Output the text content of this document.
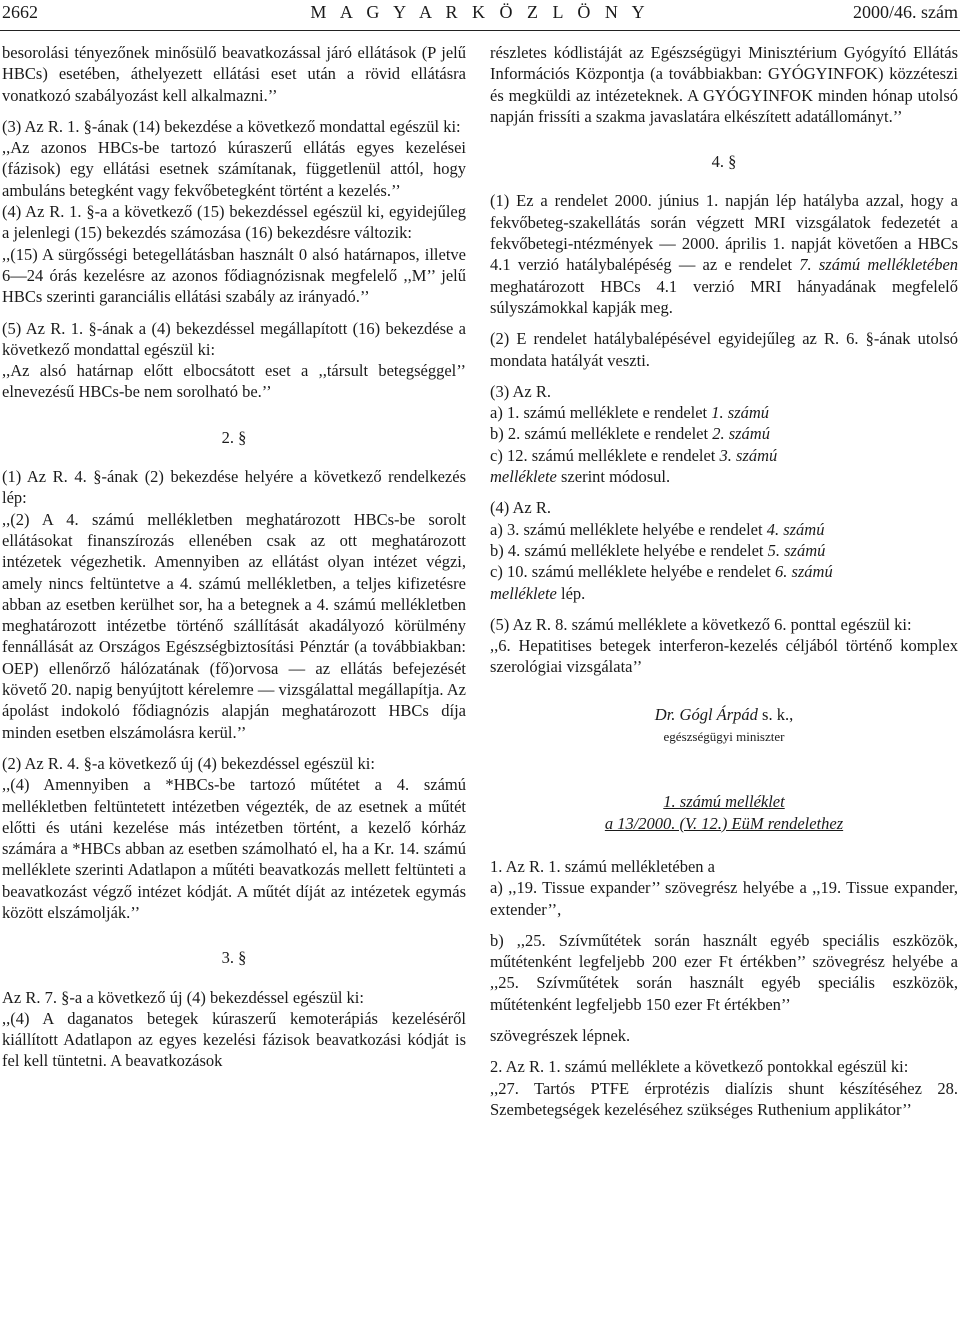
2662	M A G Y A R K Ö Z L Ö N Y	2000/46. szám

besorolási tényezőnek minősülő beavatkozással járó ellátások (P jelű HBCs) esetében, áthelyezett ellátási eset után a rövid ellátásra vonatkozó szabályozást kell alkalmazni.’’

(3) Az R. 1. §-ának (14) bekezdése a következő mondattal egészül ki:

,,Az azonos HBCs-be tartozó kúraszerű ellátás egyes kezelései (fázisok) egy ellátási esetnek számítanak, függetlenül attól, hogy ambuláns betegként vagy fekvőbetegként történt a kezelés.’’

(4) Az R. 1. §-a a következő (15) bekezdéssel egészül ki, egyidejűleg a jelenlegi (15) bekezdés számozása (16) bekezdésre változik:

,,(15) A sürgősségi betegellátásban használt 0 alsó határnapos, illetve 6—24 órás kezelésre az azonos fődiagnózisnak megfelelő ,,M’’ jelű HBCs szerinti garanciális ellátási szabály az irányadó.’’

(5) Az R. 1. §-ának a (4) bekezdéssel megállapított (16) bekezdése a következő mondattal egészül ki:

,,Az alsó határnap előtt elbocsátott eset a ,,társult betegséggel’’ elnevezésű HBCs-be nem sorolható be.’’

2. §

(1) Az R. 4. §-ának (2) bekezdése helyére a következő rendelkezés lép:

,,(2) A 4. számú mellékletben meghatározott HBCs-be sorolt ellátásokat finanszírozás ellenében csak az ott meghatározott intézetek végezhetik. Amennyiben az ellátást olyan intézet végzi, amely nincs feltüntetve a 4. számú mellékletben, a teljes kifizetésre abban az esetben kerülhet sor, ha a betegnek a 4. számú mellékletben meghatározott intézetbe történő szállítását akadályozó körülmény fennállását az Országos Egészségbiztosítási Pénztár (a továbbiakban: OEP) ellenőrző hálózatának (fő)orvosa — az ellátás befejezését követő 20. napig benyújtott kérelemre — vizsgálattal megállapítja. Az ápolást indokoló fődiagnózis alapján meghatározott HBCs díja minden esetben elszámolásra kerül.’’

(2) Az R. 4. §-a következő új (4) bekezdéssel egészül ki:

,,(4) Amennyiben a *HBCs-be tartozó műtétet a 4. számú mellékletben feltüntetett intézetben végezték, de az esetnek a műtét előtti és utáni kezelése más intézetben történt, a kezelő kórház számára a *HBCs abban az esetben számolható el, ha a Kr. 14. számú melléklete szerinti Adatlapon a műtéti beavatkozás mellett feltünteti a beavatkozást végző intézet kódját. A műtét díját az intézetek egymás között elszámolják.’’

3. §

Az R. 7. §-a a következő új (4) bekezdéssel egészül ki:

,,(4) A daganatos betegek kúraszerű kemoterápiás kezeléséről kiállított Adatlapon az egyes kezelési fázisok beavatkozási kódját is fel kell tüntetni. A beavatkozások

részletes kódlistáját az Egészségügyi Minisztérium Gyógyító Ellátás Információs Központja (a továbbiakban: GYÓGYINFOK) közzéteszi és megküldi az intézeteknek. A GYÓGYINFOK minden hónap utolsó napján frissíti a szakma javaslatára elkészített adatállományt.’’

4. §

(1) Ez a rendelet 2000. június 1. napján lép hatályba azzal, hogy a fekvőbeteg-szakellátás során végzett MRI vizsgálatok fedezetét a fekvőbetegi-ntézmények — 2000. április 1. napját követően a HBCs 4.1 verzió hatálybalépéség — az e rendelet 7. számú mellékletében meghatározott HBCs 4.1 verzió MRI hányadának megfelelő súlyszámokkal kapják meg.

(2) E rendelet hatálybalépésével egyidejűleg az R. 6. §-ának utolsó mondata hatályát veszti.

(3) Az R.

a) 1. számú melléklete e rendelet 1. számú

b) 2. számú melléklete e rendelet 2. számú

c) 12. számú melléklete e rendelet 3. számú

melléklete szerint módosul.

(4) Az R.

a) 3. számú melléklete helyébe e rendelet 4. számú

b) 4. számú melléklete helyébe e rendelet 5. számú

c) 10. számú melléklete helyébe e rendelet 6. számú

melléklete lép.

(5) Az R. 8. számú melléklete a következő 6. ponttal egészül ki:

,,6. Hepatitises betegek interferon-kezelés céljából történő komplex szerológiai vizsgálata’’

Dr. Gógl Árpád s. k.,
egészségügyi miniszter

1. számú melléklet

a 13/2000. (V. 12.) EüM rendelethez

1. Az R. 1. számú mellékletében a

a) ,,19. Tissue expander’’ szövegrész helyébe a ,,19. Tissue expander, extender’’,

b) ,,25. Szívműtétek során használt egyéb speciális eszközök, műtétenként legfeljebb 200 ezer Ft értékben’’ szövegrész helyébe a ,,25. Szívműtétek során használt egyéb speciális eszközök, műtétenként legfeljebb 150 ezer Ft értékben’’

szövegrészek lépnek.

2. Az R. 1. számú melléklete a következő pontokkal egészül ki:

,,27. Tartós PTFE érprotézis dialízis shunt készítéséhez 28. Szembetegségek kezeléséhez szükséges Ruthenium applikátor’’
